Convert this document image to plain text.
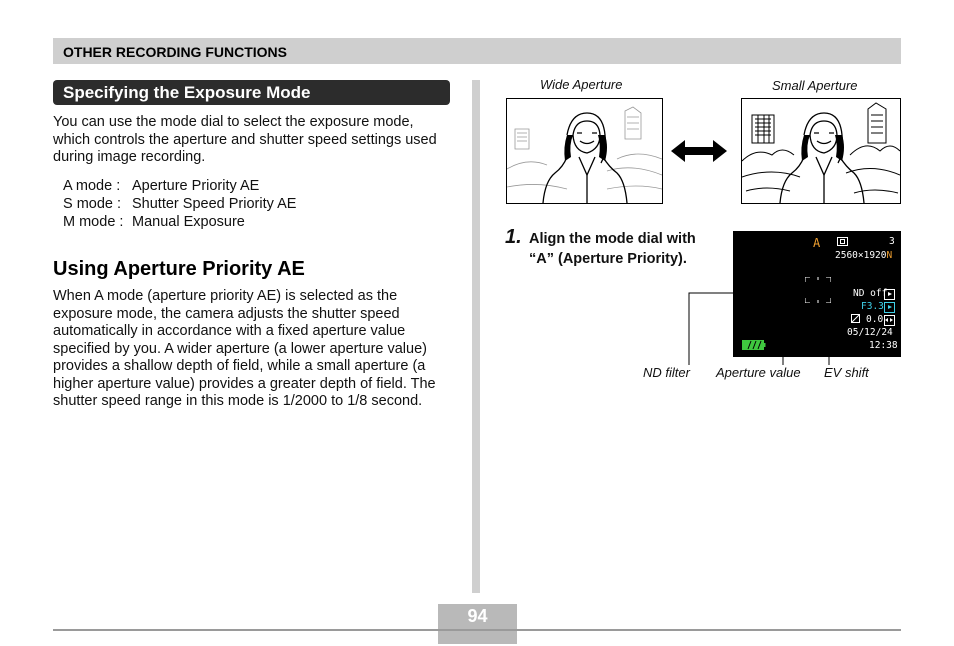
OTHER RECORDING FUNCTIONS
Specifying the Exposure Mode
You can use the mode dial to select the exposure mode, which controls the aperture and shutter speed settings used during image recording.
A mode : Aperture Priority AE
S mode : Shutter Speed Priority AE
M mode : Manual Exposure
Using Aperture Priority AE
When A mode (aperture priority AE) is selected as the exposure mode, the camera adjusts the shutter speed automatically in accordance with a fixed aperture value specified by you. A wider aperture (a lower aperture value) provides a shallow depth of field, while a small aperture (a higher aperture value) provides a greater depth of field. The shutter speed range in this mode is 1/2000 to 1/8 second.
Wide Aperture	Small Aperture
1. Align the mode dial with “A” (Aperture Priority).
A	3
2560×1920N
ND off
F3.3
0.0
05/12/24
12:38
ND filter Aperture value EV shift
94
